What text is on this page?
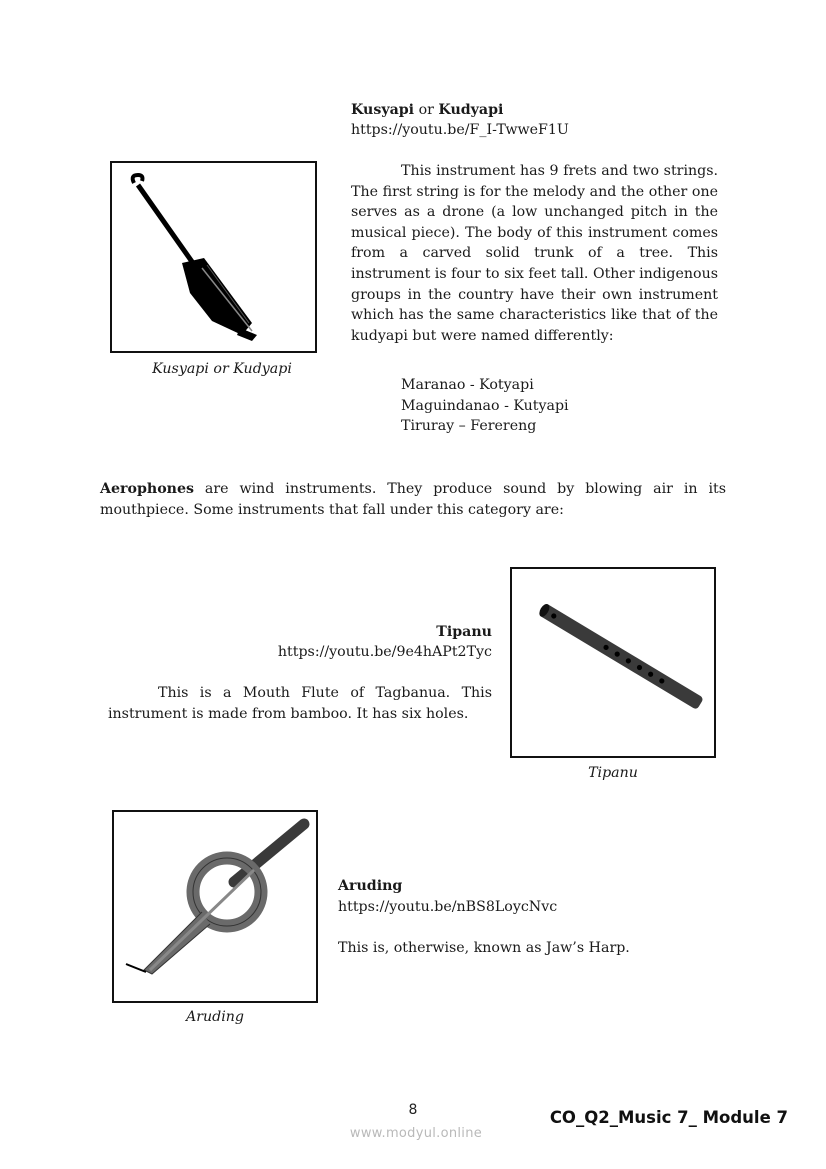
Kusyapi or Kudyapi
https://youtu.be/F_I-TwweF1U
This instrument has 9 frets and two strings. The first string is for the melody and the other one serves as a drone (a low unchanged pitch in the musical piece). The body of this instrument comes from a carved solid trunk of a tree. This instrument is four to six feet tall. Other indigenous groups in the country have their own instrument which has the same characteristics like that of the kudyapi but were named differently:
Maranao - Kotyapi
Maguindanao - Kutyapi
Tiruray – Ferereng
Kusyapi or Kudyapi
Aerophones are wind instruments. They produce sound by blowing air in its mouthpiece. Some instruments that fall under this category are:
Tipanu
https://youtu.be/9e4hAPt2Tyc
This is a Mouth Flute of Tagbanua. This instrument is made from bamboo. It has six holes.
Tipanu
Aruding
Aruding
https://youtu.be/nBS8LoycNvc
This is, otherwise, known as Jaw’s Harp.
8
www.modyul.online
CO_Q2_Music 7_ Module 7
